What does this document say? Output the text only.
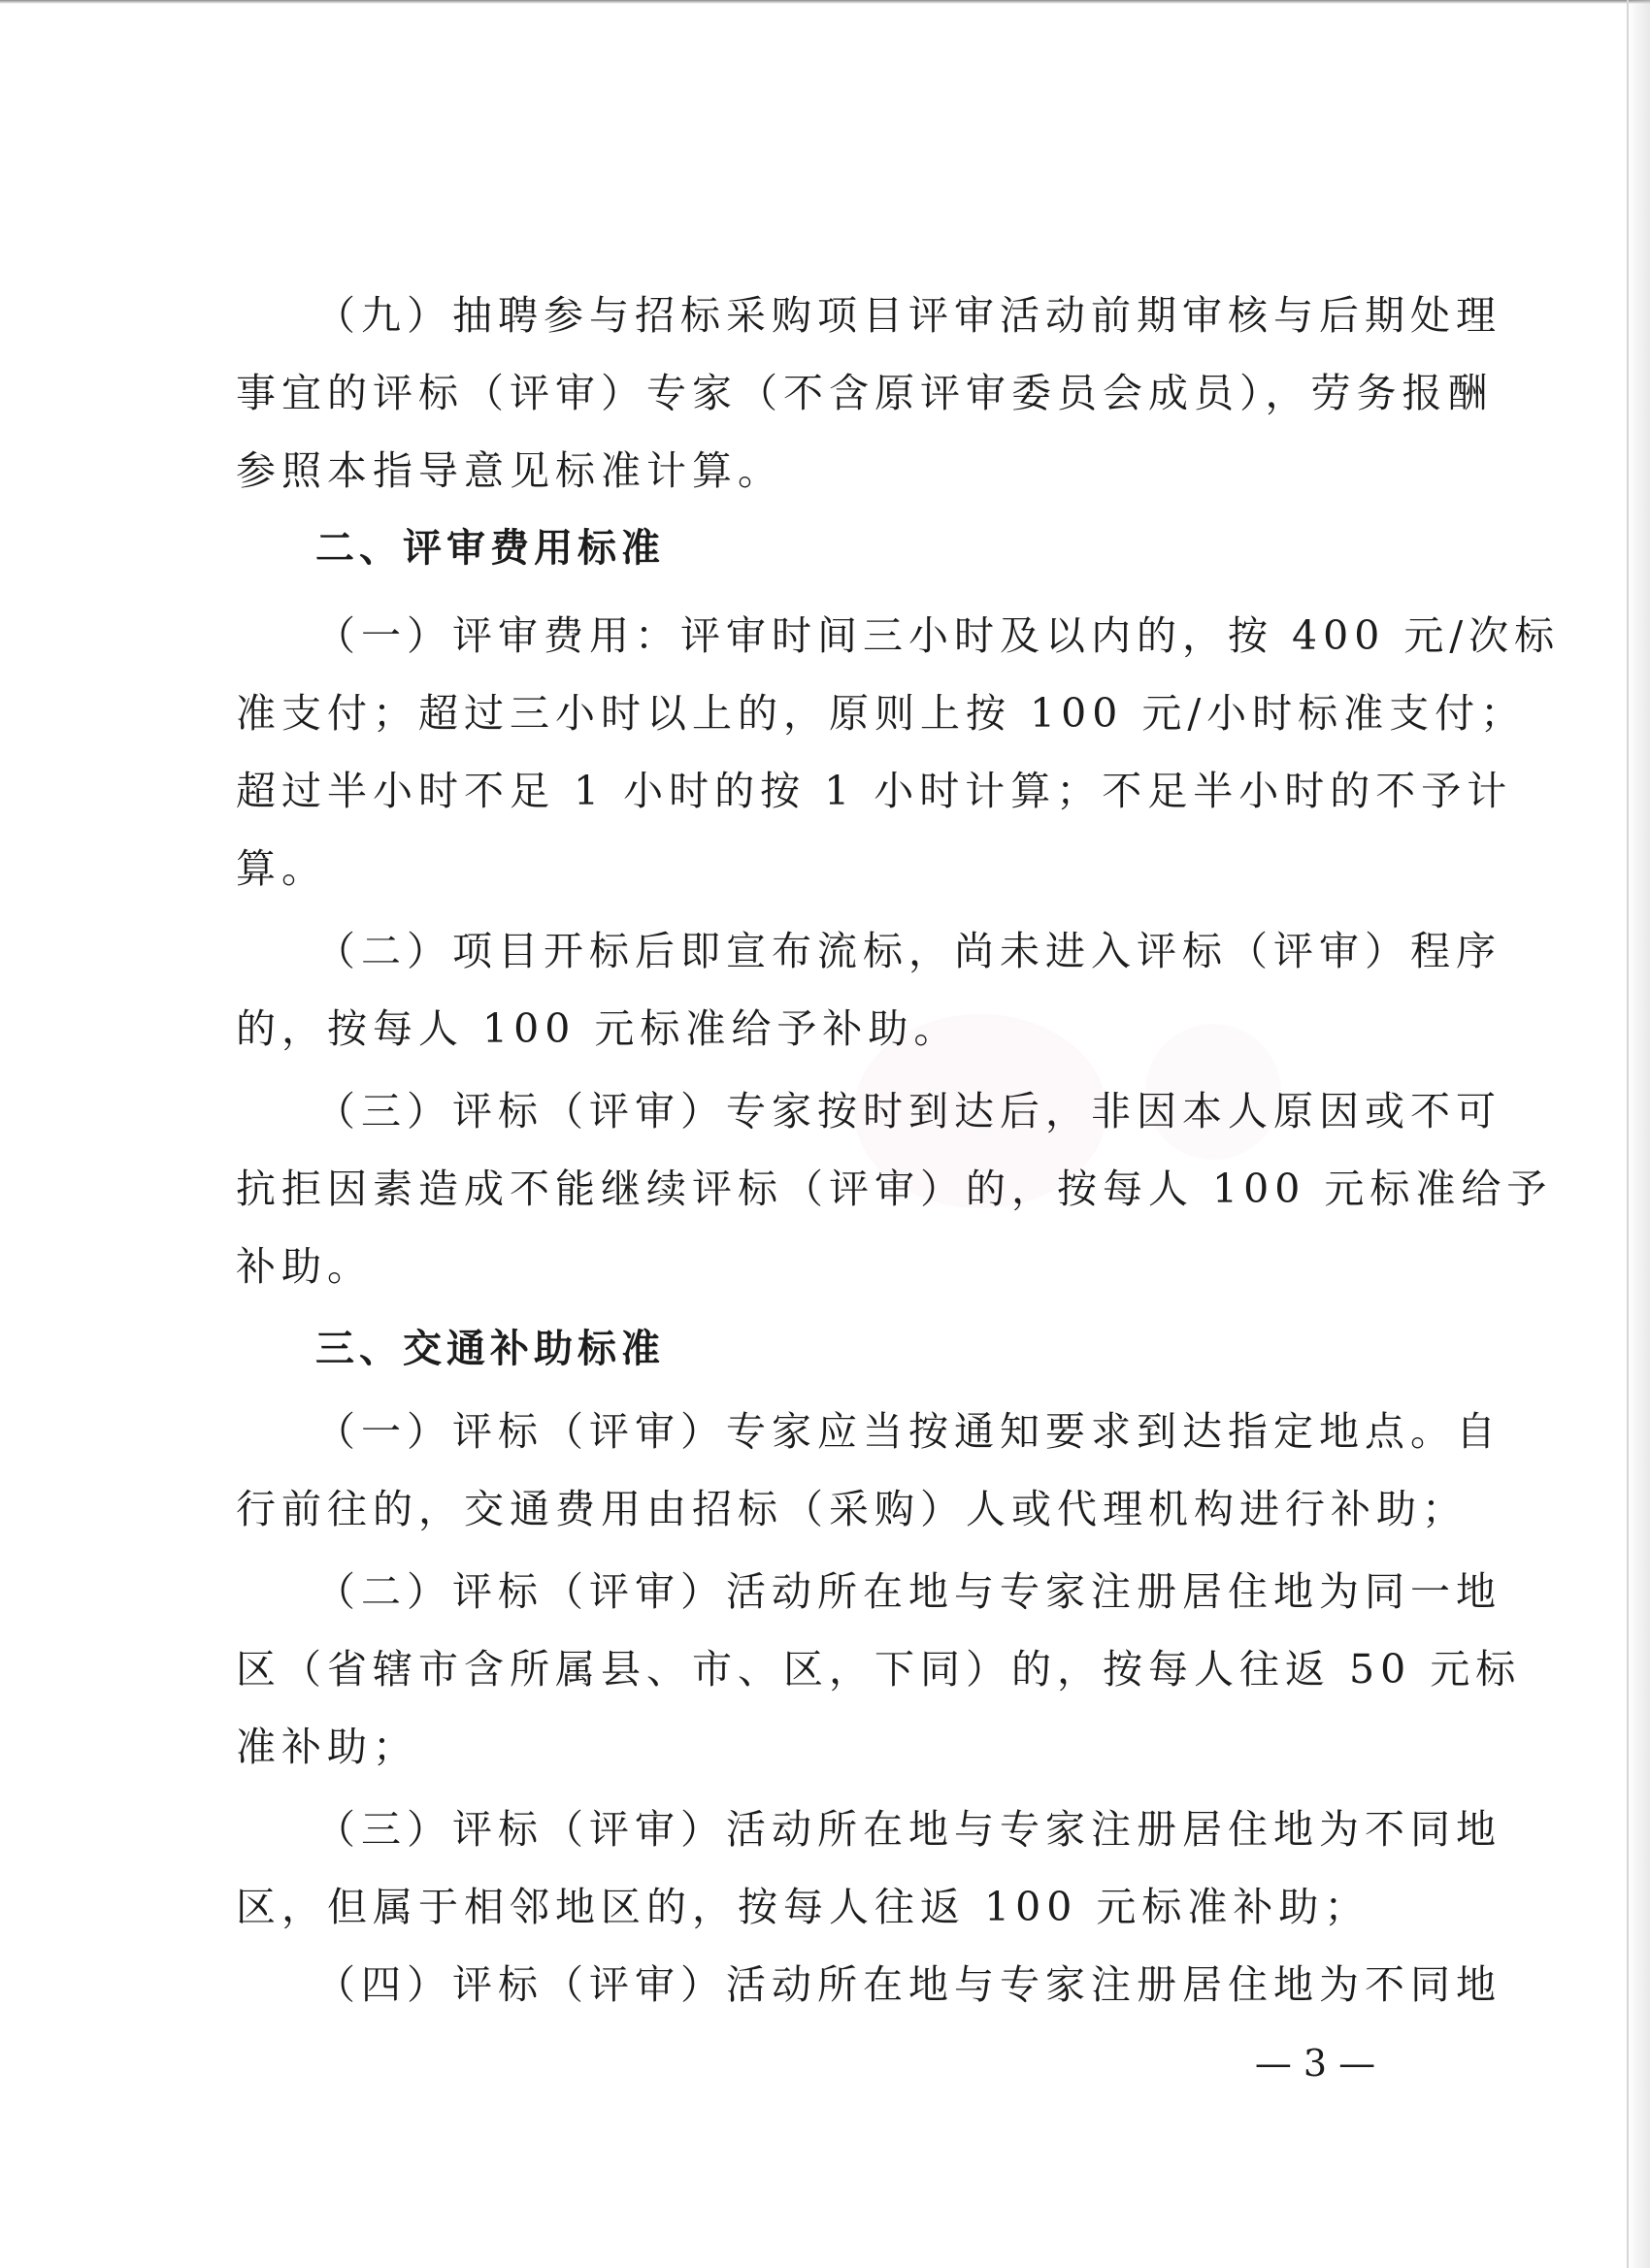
（九）抽聘参与招标采购项目评审活动前期审核与后期处理
事宜的评标（评审）专家（不含原评审委员会成员），劳务报酬
参照本指导意见标准计算。
二、评审费用标准
（一）评审费用：评审时间三小时及以内的，按 400 元/次标
准支付；超过三小时以上的，原则上按 100 元/小时标准支付；
超过半小时不足 1 小时的按 1 小时计算；不足半小时的不予计
算。
（二）项目开标后即宣布流标，尚未进入评标（评审）程序
的，按每人 100 元标准给予补助。
（三）评标（评审）专家按时到达后，非因本人原因或不可
抗拒因素造成不能继续评标（评审）的，按每人 100 元标准给予
补助。
三、交通补助标准
（一）评标（评审）专家应当按通知要求到达指定地点。自
行前往的，交通费用由招标（采购）人或代理机构进行补助；
（二）评标（评审）活动所在地与专家注册居住地为同一地
区（省辖市含所属县、市、区，下同）的，按每人往返 50 元标
准补助；
（三）评标（评审）活动所在地与专家注册居住地为不同地
区，但属于相邻地区的，按每人往返 100 元标准补助；
（四）评标（评审）活动所在地与专家注册居住地为不同地
— 3 —
